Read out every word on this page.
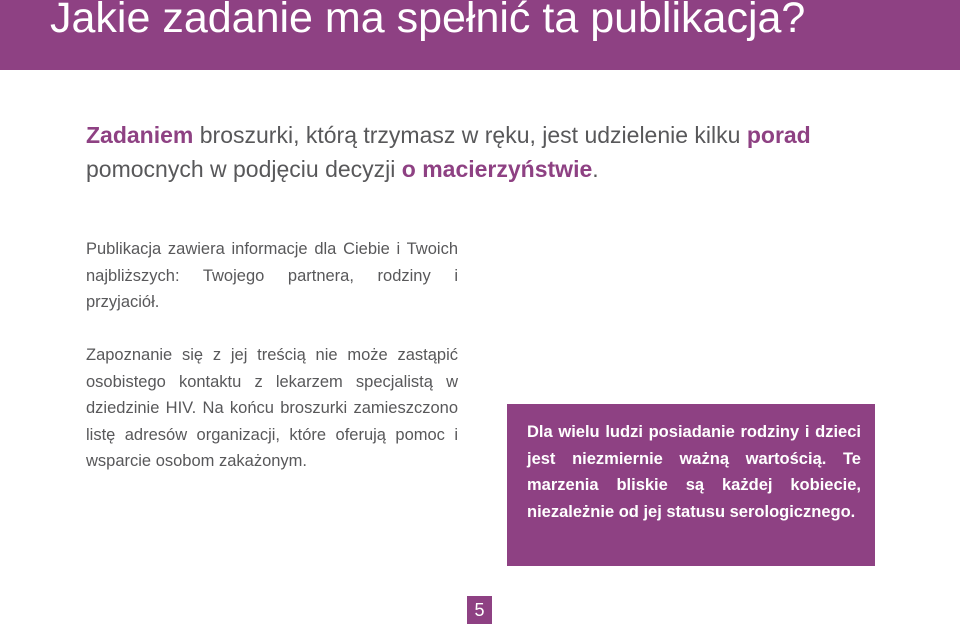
Jakie zadanie ma spełnić ta publikacja?
Zadaniem broszurki, którą trzymasz w ręku, jest udzielenie kilku porad pomocnych w podjęciu decyzji o macierzyństwie.

Publikacja zawiera informacje dla Ciebie i Twoich najbliższych: Twojego partnera, rodziny i przyjaciół.

Zapoznanie się z jej treścią nie może zastąpić osobistego kontaktu z lekarzem specjalistą w dziedzinie HIV. Na końcu broszurki zamieszczono listę adresów organizacji, które oferują pomoc i wsparcie osobom zakażonym.

Dla wielu ludzi posiadanie rodziny i dzieci jest niezmiernie ważną wartością. Te marzenia bliskie są każdej kobiecie, niezależnie od jej statusu serologicznego.

5
